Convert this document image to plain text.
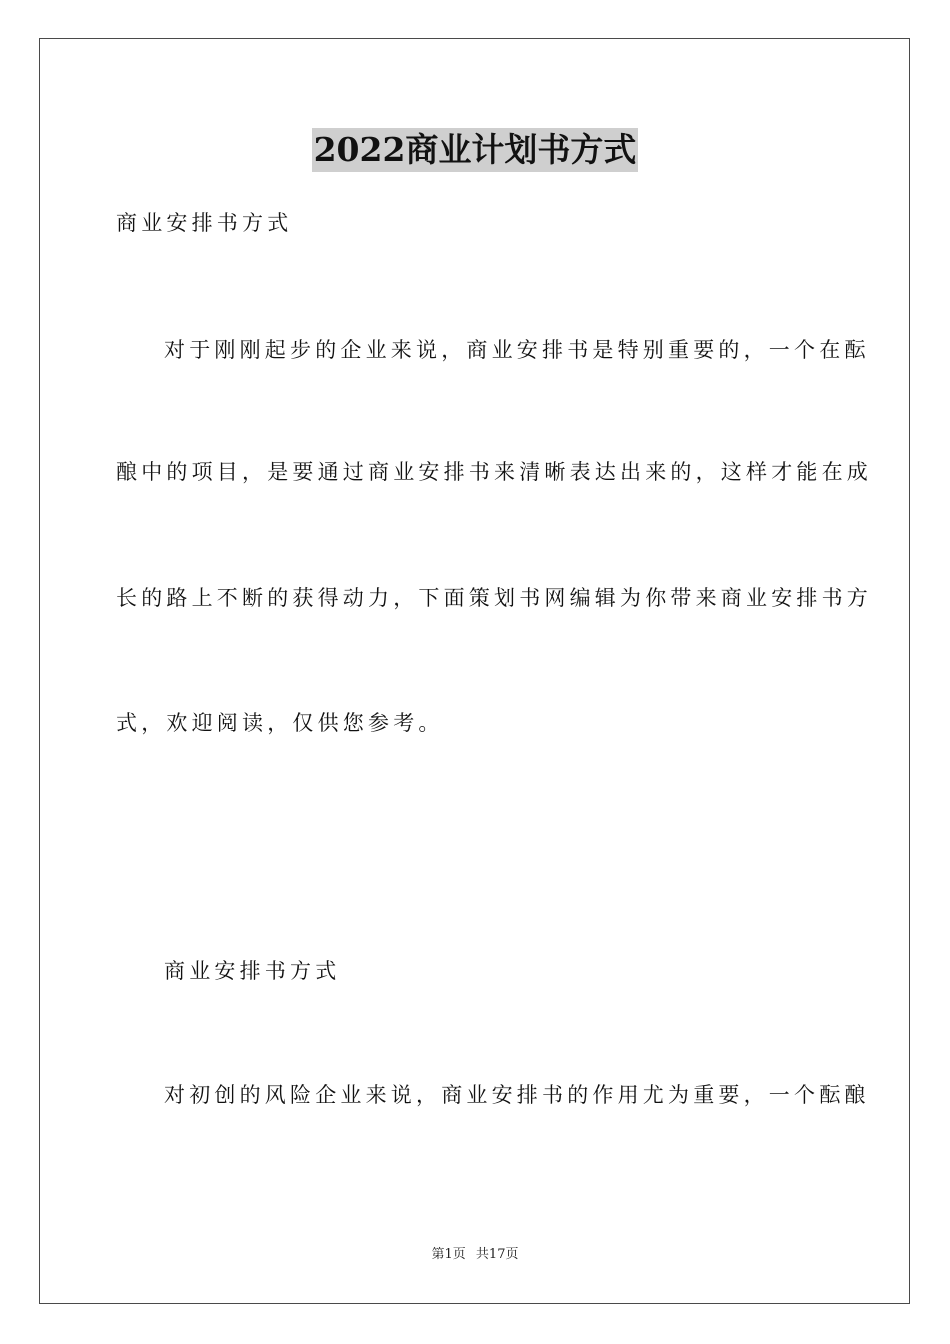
2022商业计划书方式

商业安排书方式

对于刚刚起步的企业来说，商业安排书是特别重要的，一个在酝

酿中的项目，是要通过商业安排书来清晰表达出来的，这样才能在成

长的路上不断的获得动力，下面策划书网编辑为你带来商业安排书方

式，欢迎阅读，仅供您参考。

商业安排书方式

对初创的风险企业来说，商业安排书的作用尤为重要，一个酝酿

第1页 共17页
